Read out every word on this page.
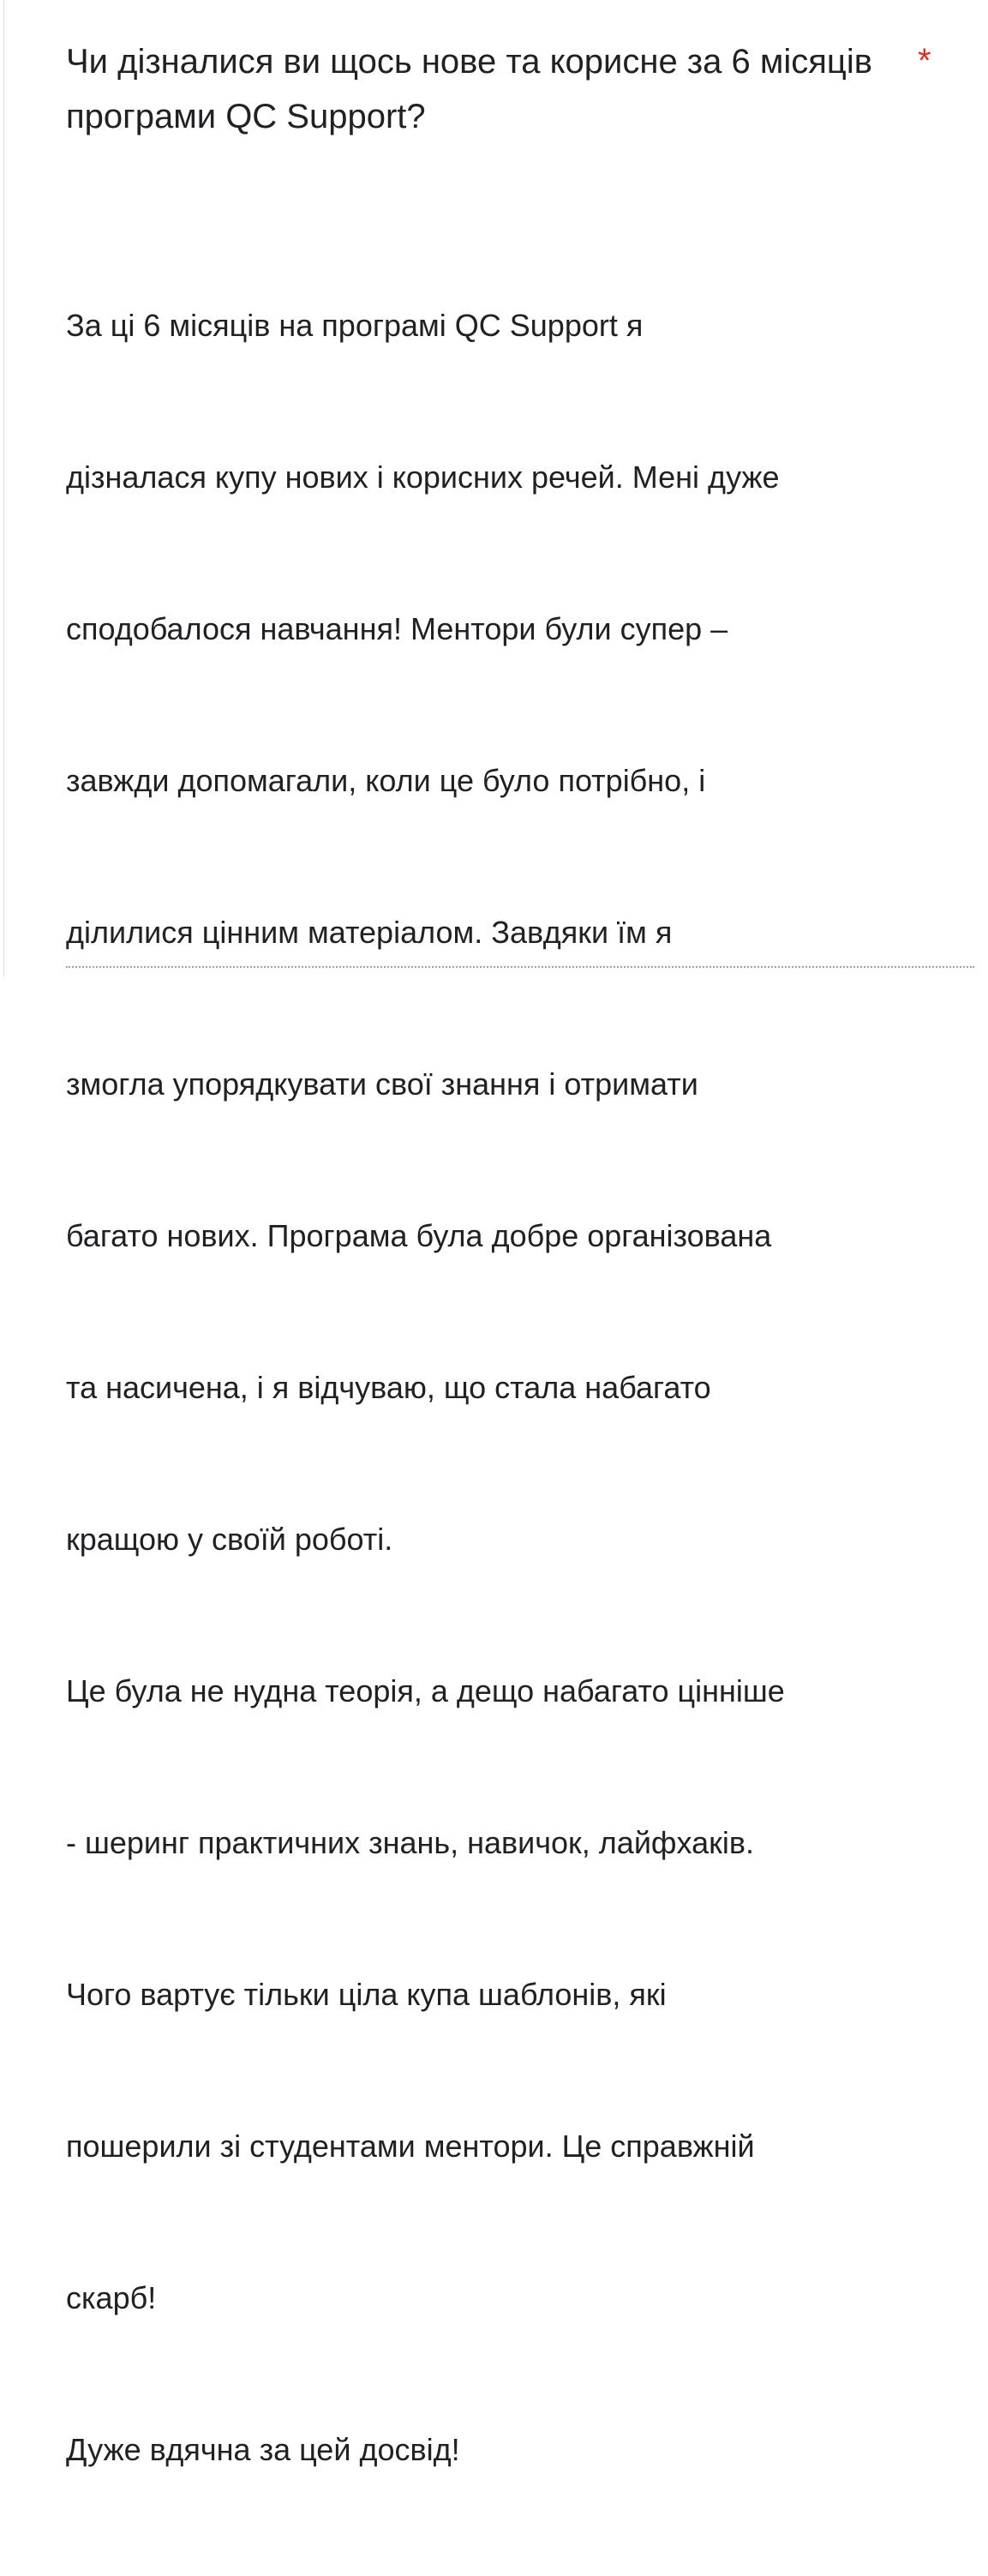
Чи дізналися ви щось нове та корисне за 6 місяців програми QC Support?
*

За ці 6 місяців на програмі QC Support я

дізналася купу нових і корисних речей. Мені дуже

сподобалося навчання! Ментори були супер –

завжди допомагали, коли це було потрібно, і

ділилися цінним матеріалом. Завдяки їм я

змогла упорядкувати свої знання і отримати

багато нових. Програма була добре організована

та насичена, і я відчуваю, що стала набагато

кращою у своїй роботі.

Це була не нудна теорія, а дещо набагато цінніше

- шеринг практичних знань, навичок, лайфхаків.

Чого вартує тільки ціла купа шаблонів, які

пошерили зі студентами ментори. Це справжній

скарб!

Дуже вдячна за цей досвід!
